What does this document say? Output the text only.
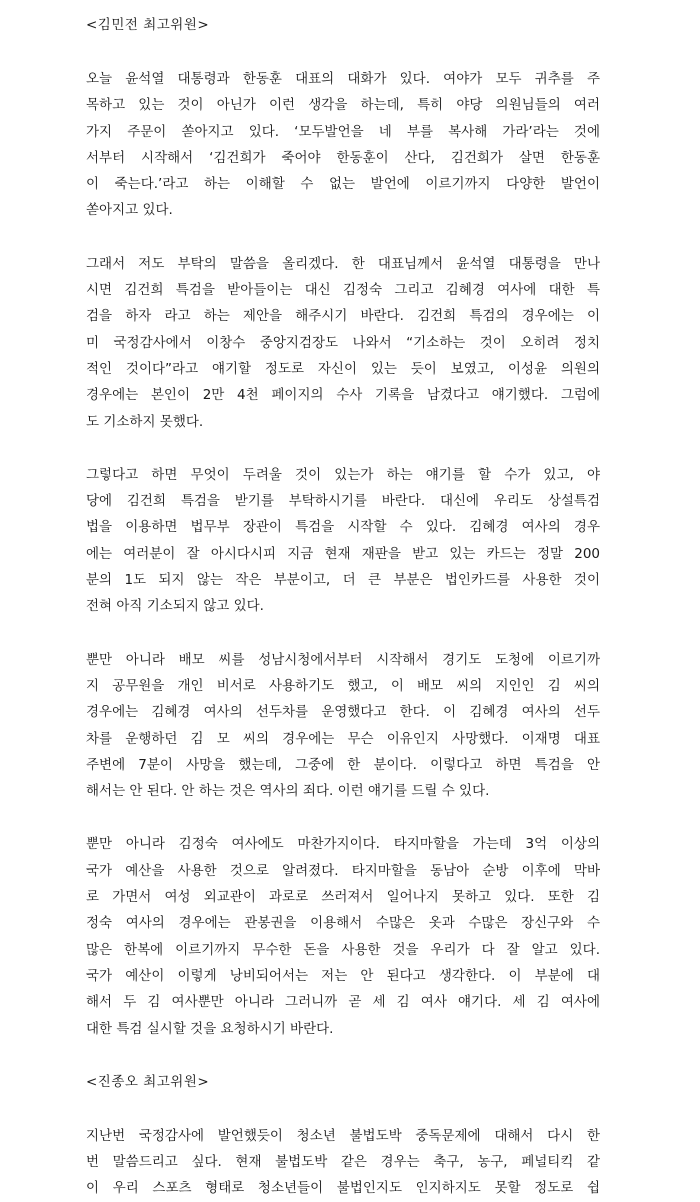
<김민전 최고위원>
오늘 윤석열 대통령과 한동훈 대표의 대화가 있다. 여야가 모두 귀추를 주
목하고 있는 것이 아닌가 이런 생각을 하는데, 특히 야당 의원님들의 여러
가지 주문이 쏟아지고 있다. ‘모두발언을 네 부를 복사해 가라’라는 것에
서부터 시작해서 ‘김건희가 죽어야 한동훈이 산다, 김건희가 살면 한동훈
이 죽는다.’라고 하는 이해할 수 없는 발언에 이르기까지 다양한 발언이
쏟아지고 있다.
그래서 저도 부탁의 말씀을 올리겠다. 한 대표님께서 윤석열 대통령을 만나
시면 김건희 특검을 받아들이는 대신 김정숙 그리고 김혜경 여사에 대한 특
검을 하자 라고 하는 제안을 해주시기 바란다. 김건희 특검의 경우에는 이
미 국정감사에서 이창수 중앙지검장도 나와서 “기소하는 것이 오히려 정치
적인 것이다”라고 얘기할 정도로 자신이 있는 듯이 보였고, 이성윤 의원의
경우에는 본인이 2만 4천 페이지의 수사 기록을 남겼다고 얘기했다. 그럼에
도 기소하지 못했다.
그렇다고 하면 무엇이 두려울 것이 있는가 하는 얘기를 할 수가 있고, 야
당에 김건희 특검을 받기를 부탁하시기를 바란다. 대신에 우리도 상설특검
법을 이용하면 법무부 장관이 특검을 시작할 수 있다. 김혜경 여사의 경우
에는 여러분이 잘 아시다시피 지금 현재 재판을 받고 있는 카드는 정말 200
분의 1도 되지 않는 작은 부분이고, 더 큰 부분은 법인카드를 사용한 것이
전혀 아직 기소되지 않고 있다.
뿐만 아니라 배모 씨를 성남시청에서부터 시작해서 경기도 도청에 이르기까
지 공무원을 개인 비서로 사용하기도 했고, 이 배모 씨의 지인인 김 씨의
경우에는 김혜경 여사의 선두차를 운영했다고 한다. 이 김혜경 여사의 선두
차를 운행하던 김 모 씨의 경우에는 무슨 이유인지 사망했다. 이재명 대표
주변에 7분이 사망을 했는데, 그중에 한 분이다. 이렇다고 하면 특검을 안
해서는 안 된다. 안 하는 것은 역사의 죄다. 이런 얘기를 드릴 수 있다.
뿐만 아니라 김정숙 여사에도 마찬가지이다. 타지마할을 가는데 3억 이상의
국가 예산을 사용한 것으로 알려졌다. 타지마할을 동남아 순방 이후에 막바
로 가면서 여성 외교관이 과로로 쓰러져서 일어나지 못하고 있다. 또한 김
정숙 여사의 경우에는 관봉권을 이용해서 수많은 옷과 수많은 장신구와 수
많은 한복에 이르기까지 무수한 돈을 사용한 것을 우리가 다 잘 알고 있다.
국가 예산이 이렇게 낭비되어서는 저는 안 된다고 생각한다. 이 부분에 대
해서 두 김 여사뿐만 아니라 그러니까 곧 세 김 여사 얘기다. 세 김 여사에
대한 특검 실시할 것을 요청하시기 바란다.
<진종오 최고위원>
지난번 국정감사에 발언했듯이 청소년 불법도박 중독문제에 대해서 다시 한
번 말씀드리고 싶다. 현재 불법도박 같은 경우는 축구, 농구, 페널티킥 같
이 우리 스포츠 형태로 청소년들이 불법인지도 인지하지도 못할 정도로 쉽
